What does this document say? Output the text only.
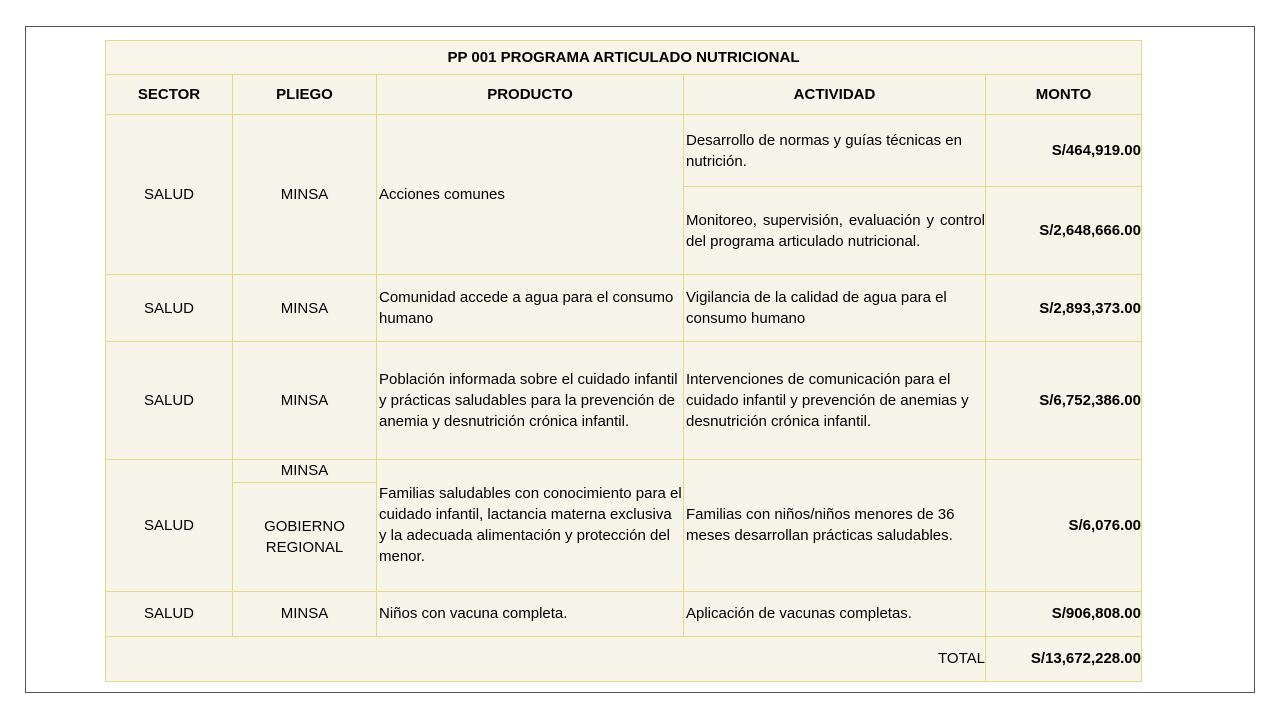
PP 001 PROGRAMA ARTICULADO NUTRICIONAL				
SECTOR	PLIEGO	PRODUCTO	ACTIVIDAD	MONTO
SALUD	MINSA	Acciones comunes	Desarrollo de normas y guías técnicas en nutrición.	S/464,919.00
			Monitoreo, supervisión, evaluación y control del programa articulado nutricional.	S/2,648,666.00
SALUD	MINSA	Comunidad accede a agua para el consumo humano	Vigilancia de la calidad de agua para el consumo humano	S/2,893,373.00
SALUD	MINSA	Población informada sobre el cuidado infantil y prácticas saludables para la prevención de anemia y desnutrición crónica infantil.	Intervenciones de comunicación para el cuidado infantil y prevención de anemias y desnutrición crónica infantil.	S/6,752,386.00
SALUD	MINSA	Familias saludables con conocimiento para el cuidado infantil, lactancia materna exclusiva y la adecuada alimentación y protección del menor.	Familias con niños/niños menores de 36 meses desarrollan prácticas saludables.	S/6,076.00
	GOBIERNO REGIONAL			
SALUD	MINSA	Niños con vacuna completa.	Aplicación de vacunas completas.	S/906,808.00
TOTAL				S/13,672,228.00
